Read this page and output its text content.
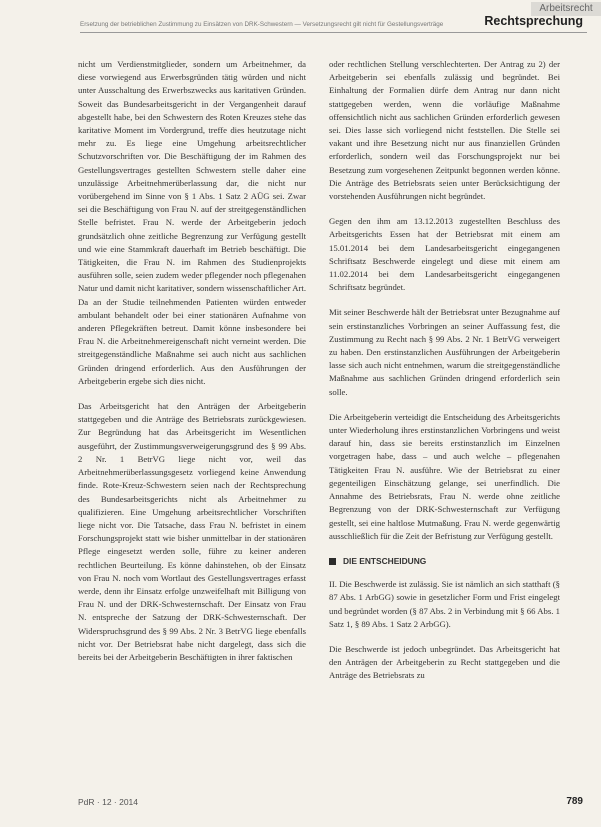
Arbeitsrecht
Ersetzung der betrieblichen Zustimmung zu Einsätzen von DRK-Schwestern — Versetzungsrecht gilt nicht für Gestellungsverträge	Rechtsprechung

nicht um Verdienstmitglieder, sondern um Arbeitnehmer, da diese vorwiegend aus Erwerbsgründen tätig würden und nicht unter Ausschaltung des Erwerbszwecks aus karitativen Gründen. Soweit das Bundesarbeitsgericht in der Vergangenheit darauf abgestellt habe, bei den Schwestern des Roten Kreuzes stehe das karitative Moment im Vordergrund, treffe dies heutzutage nicht mehr zu. Es liege eine Umgehung arbeitsrechtlicher Schutzvorschriften vor. Die Beschäftigung der im Rahmen des Gestellungsvertrages gestellten Schwestern stelle daher eine unzulässige Arbeitnehmerüberlassung dar, die nicht nur vorübergehend im Sinne von § 1 Abs. 1 Satz 2 AÜG sei. Zwar sei die Beschäftigung von Frau N. auf der streitgegenständlichen Stelle befristet. Frau N. werde der Arbeitgeberin jedoch grundsätzlich ohne zeitliche Begrenzung zur Verfügung gestellt und wie eine Stammkraft dauerhaft im Betrieb beschäftigt. Die Tätigkeiten, die Frau N. im Rahmen des Studienprojekts ausführen solle, seien zudem weder pflegender noch pflegenahen Natur und damit nicht karitativer, sondern wissenschaftlicher Art. Da an der Studie teilnehmenden Patienten würden entweder ambulant behandelt oder bei einer stationären Aufnahme von anderen Pflegekräften betreut. Damit könne insbesondere bei Frau N. die Arbeitnehmereigenschaft nicht verneint werden. Die streitgegenständliche Maßnahme sei auch nicht aus sachlichen Gründen dringend erforderlich. Aus den Ausführungen der Arbeitgeberin ergebe sich dies nicht.

Das Arbeitsgericht hat den Anträgen der Arbeitgeberin stattgegeben und die Anträge des Betriebsrats zurückgewiesen. Zur Begründung hat das Arbeitsgericht im Wesentlichen ausgeführt, der Zustimmungsverweigerungsgrund des § 99 Abs. 2 Nr. 1 BetrVG liege nicht vor, weil das Arbeitnehmerüberlassungsgesetz vorliegend keine Anwendung finde. Rote-Kreuz-Schwestern seien nach der Rechtsprechung des Bundesarbeitsgerichts nicht als Arbeitnehmer zu qualifizieren. Eine Umgehung arbeitsrechtlicher Vorschriften liege nicht vor. Die Tatsache, dass Frau N. befristet in einem Forschungsprojekt statt wie bisher unmittelbar in der stationären Pflege eingesetzt werden solle, führe zu keiner anderen rechtlichen Beurteilung. Es könne dahinstehen, ob der Einsatz von Frau N. noch vom Wortlaut des Gestellungsvertrages erfasst werde, denn ihr Einsatz erfolge unzweifelhaft mit Billigung von Frau N. und der DRK-Schwesternschaft. Der Einsatz von Frau N. entspreche der Satzung der DRK-Schwesternschaft. Der Widerspruchsgrund des § 99 Abs. 2 Nr. 3 BetrVG liege ebenfalls nicht vor. Der Betriebsrat habe nicht dargelegt, dass sich die bereits bei der Arbeitgeberin Beschäftigten in ihrer faktischen

oder rechtlichen Stellung verschlechterten. Der Antrag zu 2) der Arbeitgeberin sei ebenfalls zulässig und begründet. Bei Einhaltung der Formalien dürfe dem Antrag nur dann nicht stattgegeben werden, wenn die vorläufige Maßnahme offensichtlich nicht aus sachlichen Gründen erforderlich gewesen sei. Dies lasse sich vorliegend nicht feststellen. Die Stelle sei vakant und ihre Besetzung nicht nur aus finanziellen Gründen erforderlich, sondern weil das Forschungsprojekt nur bei Besetzung zum vorgesehenen Zeitpunkt begonnen werden könne. Die Anträge des Betriebsrats seien unter Berücksichtigung der vorstehenden Ausführungen nicht begründet.

Gegen den ihm am 13.12.2013 zugestellten Beschluss des Arbeitsgerichts Essen hat der Betriebsrat mit einem am 15.01.2014 bei dem Landesarbeitsgericht eingegangenen Schriftsatz Beschwerde eingelegt und diese mit einem am 11.02.2014 bei dem Landesarbeitsgericht eingegangenen Schriftsatz begründet.

Mit seiner Beschwerde hält der Betriebsrat unter Bezugnahme auf sein erstinstanzliches Vorbringen an seiner Auffassung fest, die Zustimmung zu Recht nach § 99 Abs. 2 Nr. 1 BetrVG verweigert zu haben. Den erstinstanzlichen Ausführungen der Arbeitgeberin lasse sich auch nicht entnehmen, warum die streitgegenständliche Maßnahme aus sachlichen Gründen dringend erforderlich sein solle.

Die Arbeitgeberin verteidigt die Entscheidung des Arbeitsgerichts unter Wiederholung ihres erstinstanzlichen Vorbringens und weist darauf hin, dass sie bereits erstinstanzlich im Einzelnen vorgetragen habe, dass – und auch welche – pflegenahen Tätigkeiten Frau N. ausführe. Wie der Betriebsrat zu einer gegenteiligen Einschätzung gelange, sei unerfindlich. Die Annahme des Betriebsrats, Frau N. werde ohne zeitliche Begrenzung von der DRK-Schwesternschaft zur Verfügung gestellt, sei eine haltlose Mutmaßung. Frau N. werde gegenwärtig ausschließlich für die Zeit der Befristung zur Verfügung gestellt.

DIE ENTSCHEIDUNG

II. Die Beschwerde ist zulässig. Sie ist nämlich an sich statthaft (§ 87 Abs. 1 ArbGG) sowie in gesetzlicher Form und Frist eingelegt und begründet worden (§ 87 Abs. 2 in Verbindung mit § 66 Abs. 1 Satz 1, § 89 Abs. 1 Satz 2 ArbGG).

Die Beschwerde ist jedoch unbegründet. Das Arbeitsgericht hat den Anträgen der Arbeitgeberin zu Recht stattgegeben und die Anträge des Betriebsrats zu

PdR · 12 · 2014	789
